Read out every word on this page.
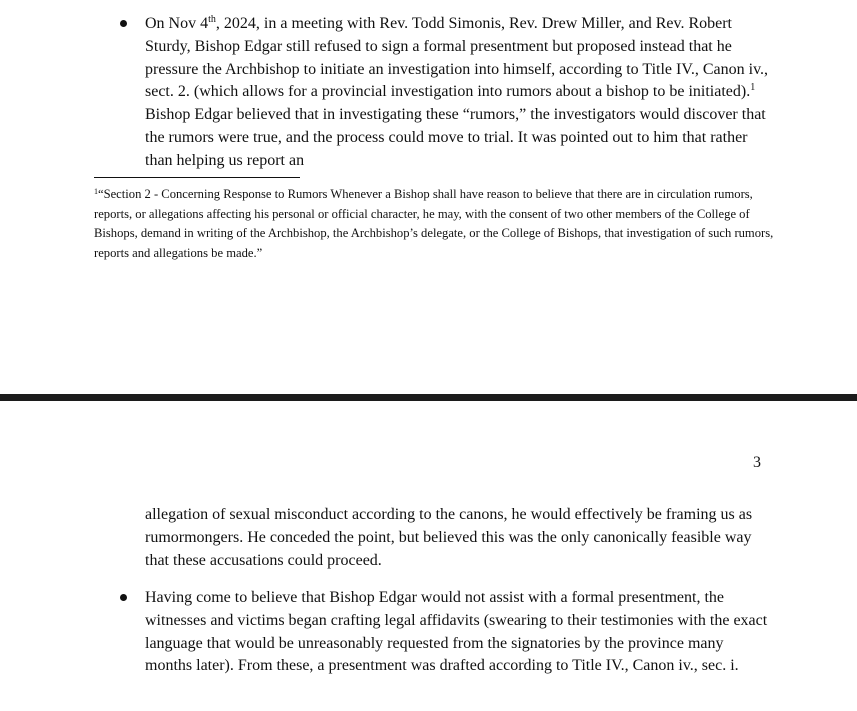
On Nov 4th, 2024, in a meeting with Rev. Todd Simonis, Rev. Drew Miller, and Rev. Robert Sturdy, Bishop Edgar still refused to sign a formal presentment but proposed instead that he pressure the Archbishop to initiate an investigation into himself, according to Title IV., Canon iv., sect. 2. (which allows for a provincial investigation into rumors about a bishop to be initiated).$^1$ Bishop Edgar believed that in investigating these “rumors,” the investigators would discover that the rumors were true, and the process could move to trial. It was pointed out to him that rather than helping us report an
$^1$“Section 2 - Concerning Response to Rumors Whenever a Bishop shall have reason to believe that there are in circulation rumors, reports, or allegations affecting his personal or official character, he may, with the consent of two other members of the College of Bishops, demand in writing of the Archbishop, the Archbishop’s delegate, or the College of Bishops, that investigation of such rumors, reports and allegations be made.”
3
allegation of sexual misconduct according to the canons, he would effectively be framing us as rumormongers. He conceded the point, but believed this was the only canonically feasible way that these accusations could proceed.
Having come to believe that Bishop Edgar would not assist with a formal presentment, the witnesses and victims began crafting legal affidavits (swearing to their testimonies with the exact language that would be unreasonably requested from the signatories by the province many months later). From these, a presentment was drafted according to Title IV., Canon iv., sec. i.
